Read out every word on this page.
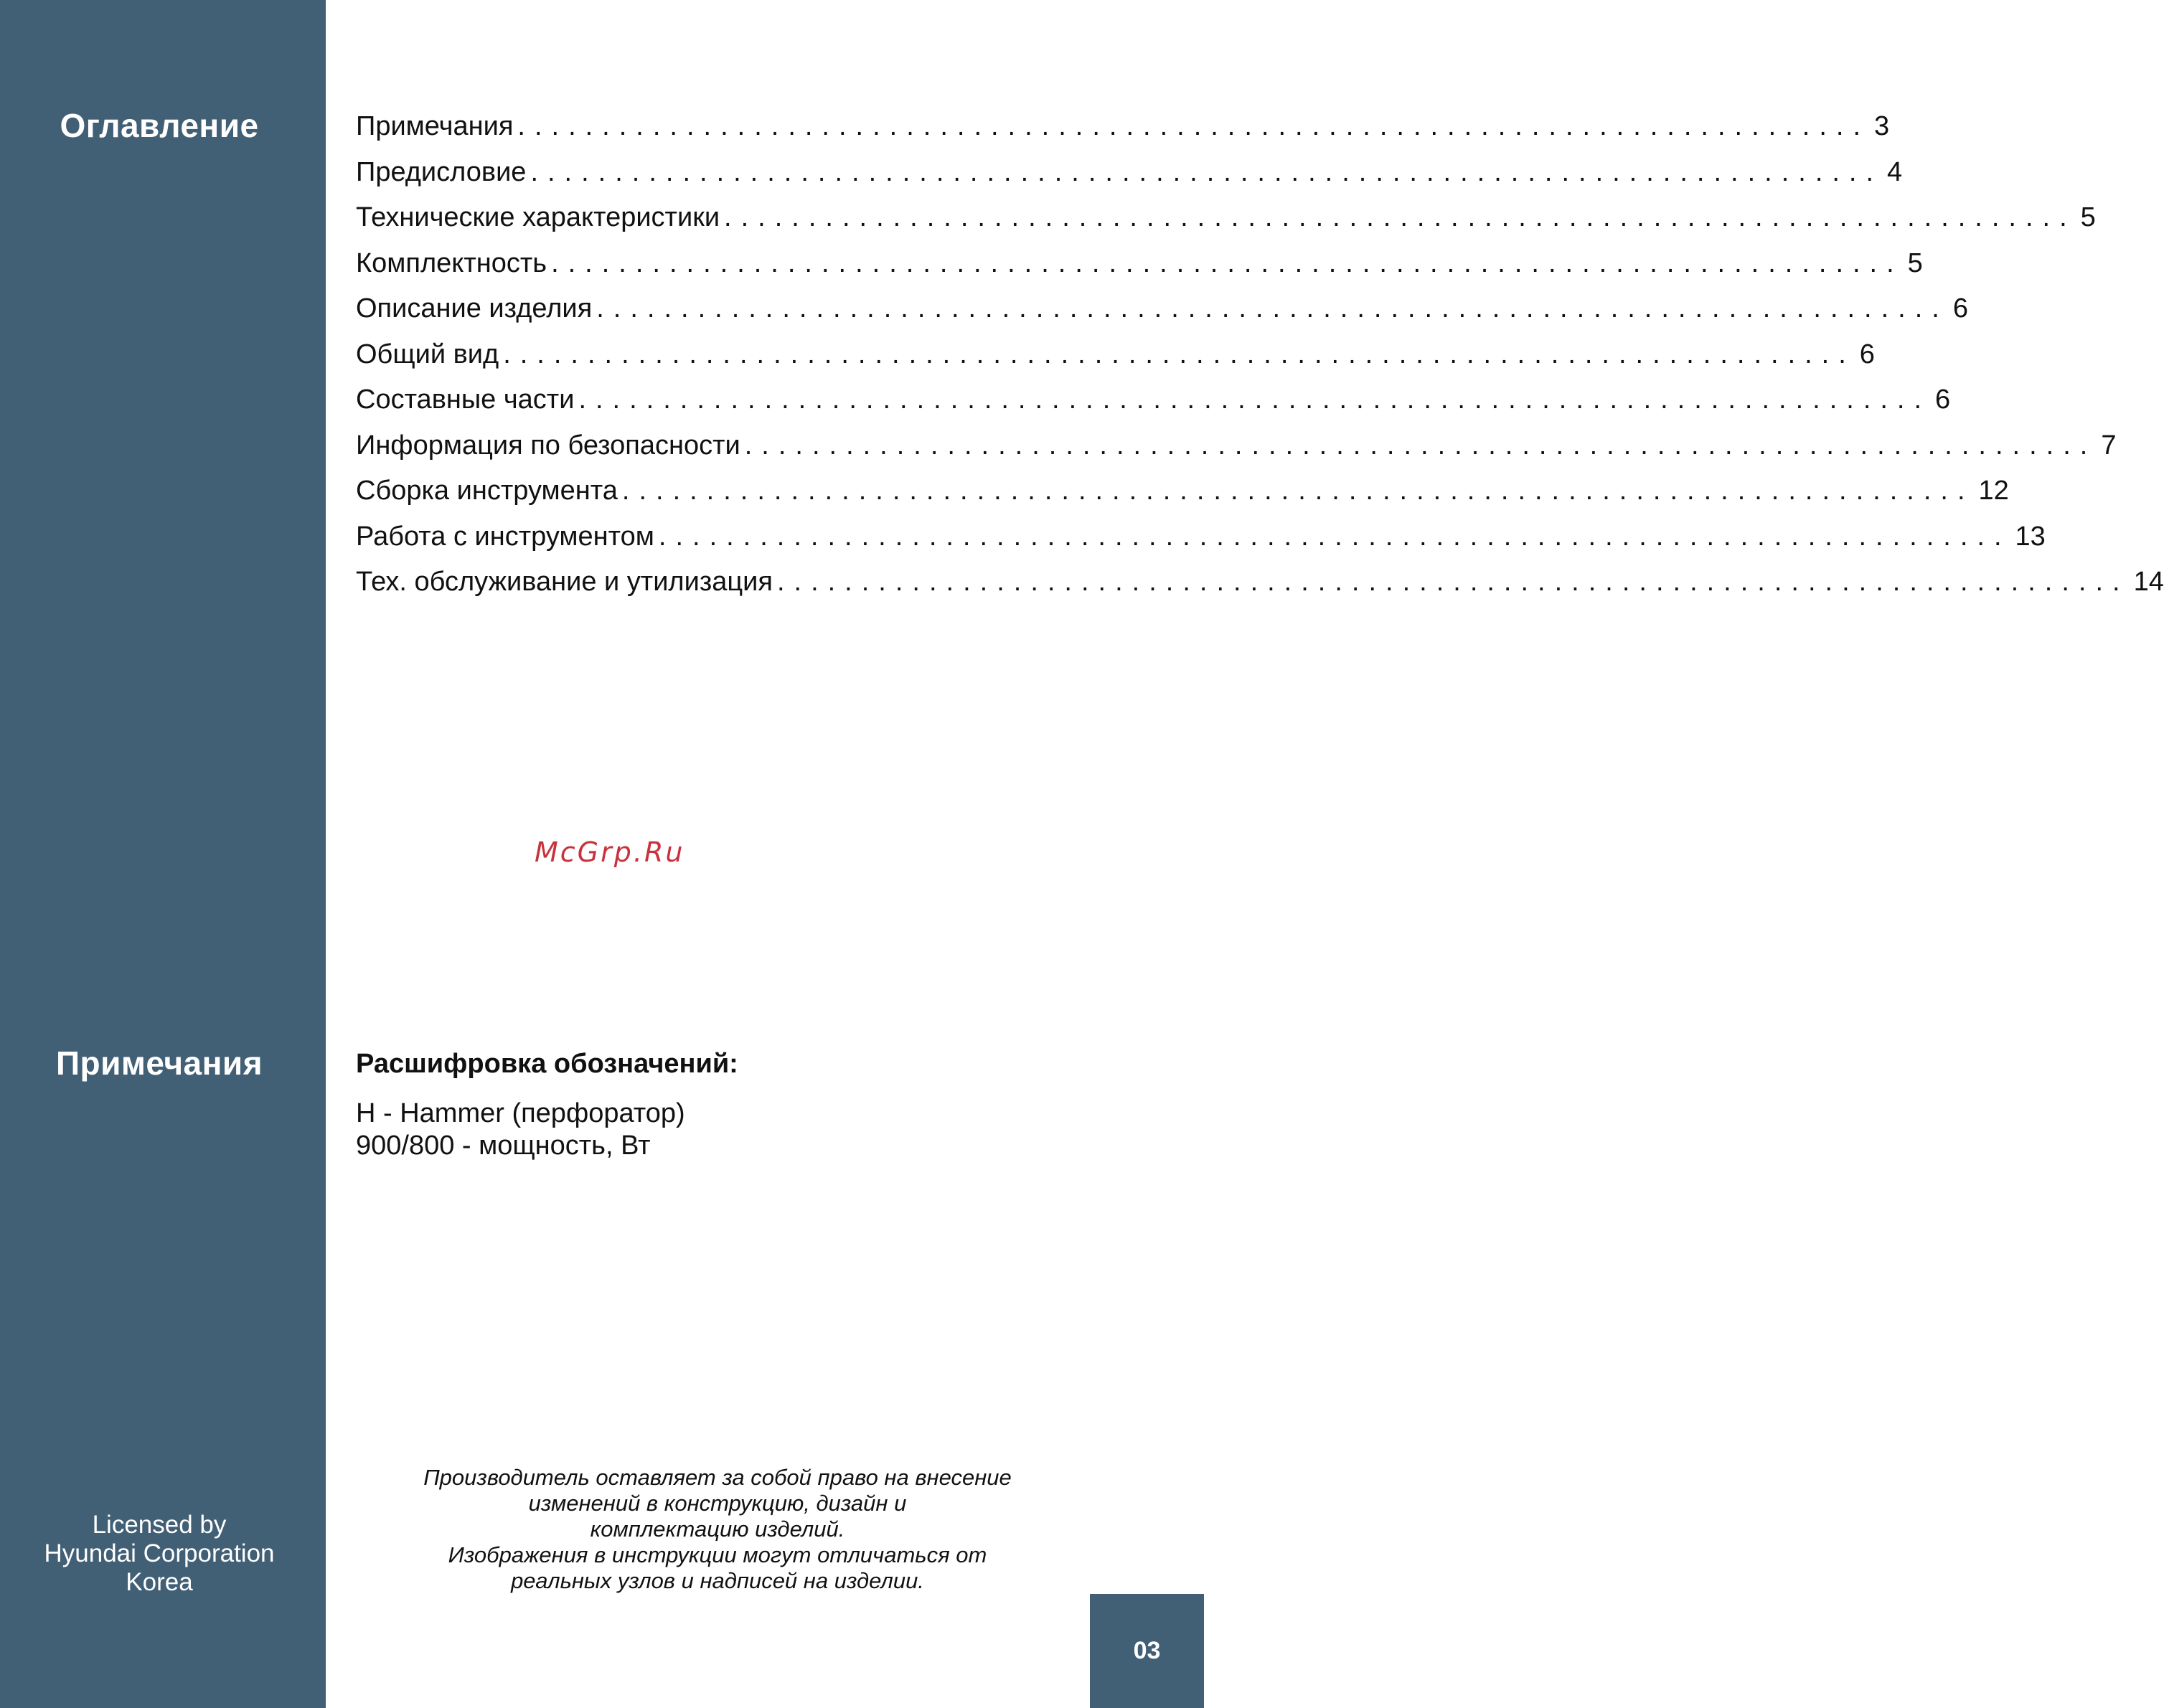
Оглавление
Примечания
Licensed by
Hyundai Corporation
Korea
Примечания ................................................................................ 3
Предисловие ................................................................................ 4
Технические характеристики ................................................................................ 5
Комплектность ................................................................................ 5
Описание изделия ................................................................................ 6
Общий вид ................................................................................ 6
Составные части ................................................................................ 6
Информация по безопасности ................................................................................ 7
Сборка инструмента ................................................................................ 12
Работа с инструментом ................................................................................ 13
Тех. обслуживание и утилизация ................................................................................ 14
McGrp.Ru
Расшифровка обозначений:
H - Hammer (перфоратор)
900/800 - мощность, Вт
Производитель оставляет за собой право на внесение
изменений в конструкцию, дизайн и
комплектацию изделий.
Изображения в инструкции могут отличаться от
реальных узлов и надписей на изделии.
03
